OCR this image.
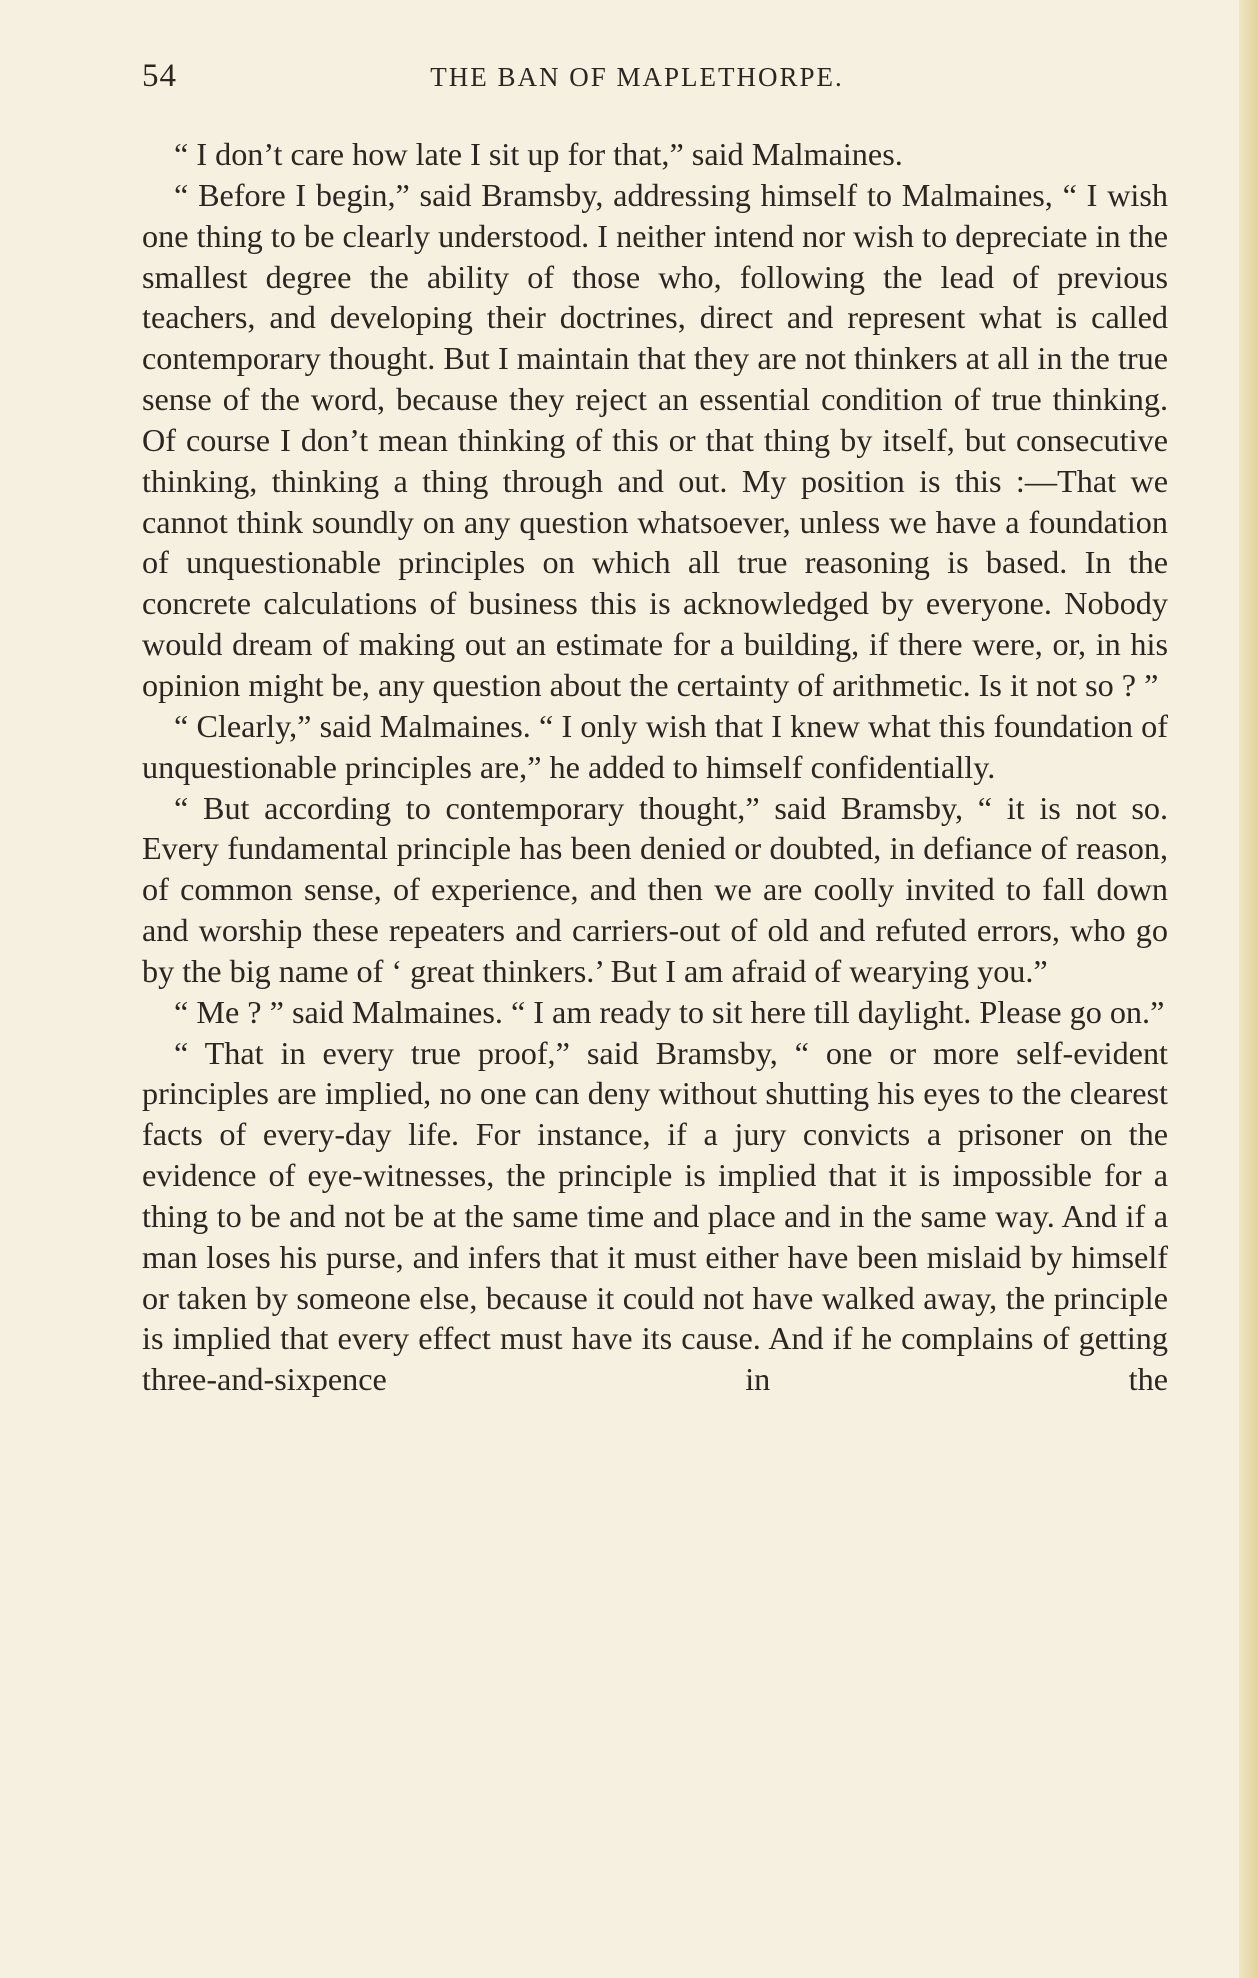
54	THE BAN OF MAPLETHORPE.

“ I don’t care how late I sit up for that,” said Malmaines.

“ Before I begin,” said Bramsby, addressing himself to Malmaines, “ I wish one thing to be clearly understood. I neither intend nor wish to depreciate in the smallest degree the ability of those who, following the lead of previous teachers, and developing their doctrines, direct and represent what is called contemporary thought. But I maintain that they are not thinkers at all in the true sense of the word, because they reject an essential condition of true thinking. Of course I don’t mean thinking of this or that thing by itself, but consecutive thinking, thinking a thing through and out. My position is this :—That we cannot think soundly on any question whatsoever, unless we have a foundation of unquestionable principles on which all true reasoning is based. In the concrete calculations of business this is acknowledged by everyone. Nobody would dream of making out an estimate for a building, if there were, or, in his opinion might be, any question about the certainty of arithmetic. Is it not so ? ”

“ Clearly,” said Malmaines. “ I only wish that I knew what this foundation of unquestionable principles are,” he added to himself confidentially.

“ But according to contemporary thought,” said Bramsby, “ it is not so. Every fundamental principle has been denied or doubted, in defiance of reason, of common sense, of experience, and then we are coolly invited to fall down and worship these repeaters and carriers-out of old and refuted errors, who go by the big name of ‘ great thinkers.’ But I am afraid of wearying you.”

“ Me ? ” said Malmaines. “ I am ready to sit here till daylight. Please go on.”

“ That in every true proof,” said Bramsby, “ one or more self-evident principles are implied, no one can deny without shutting his eyes to the clearest facts of every-day life. For instance, if a jury convicts a prisoner on the evidence of eye-witnesses, the principle is implied that it is impossible for a thing to be and not be at the same time and place and in the same way. And if a man loses his purse, and infers that it must either have been mislaid by himself or taken by someone else, because it could not have walked away, the principle is implied that every effect must have its cause. And if he complains of getting three-and-sixpence in the
